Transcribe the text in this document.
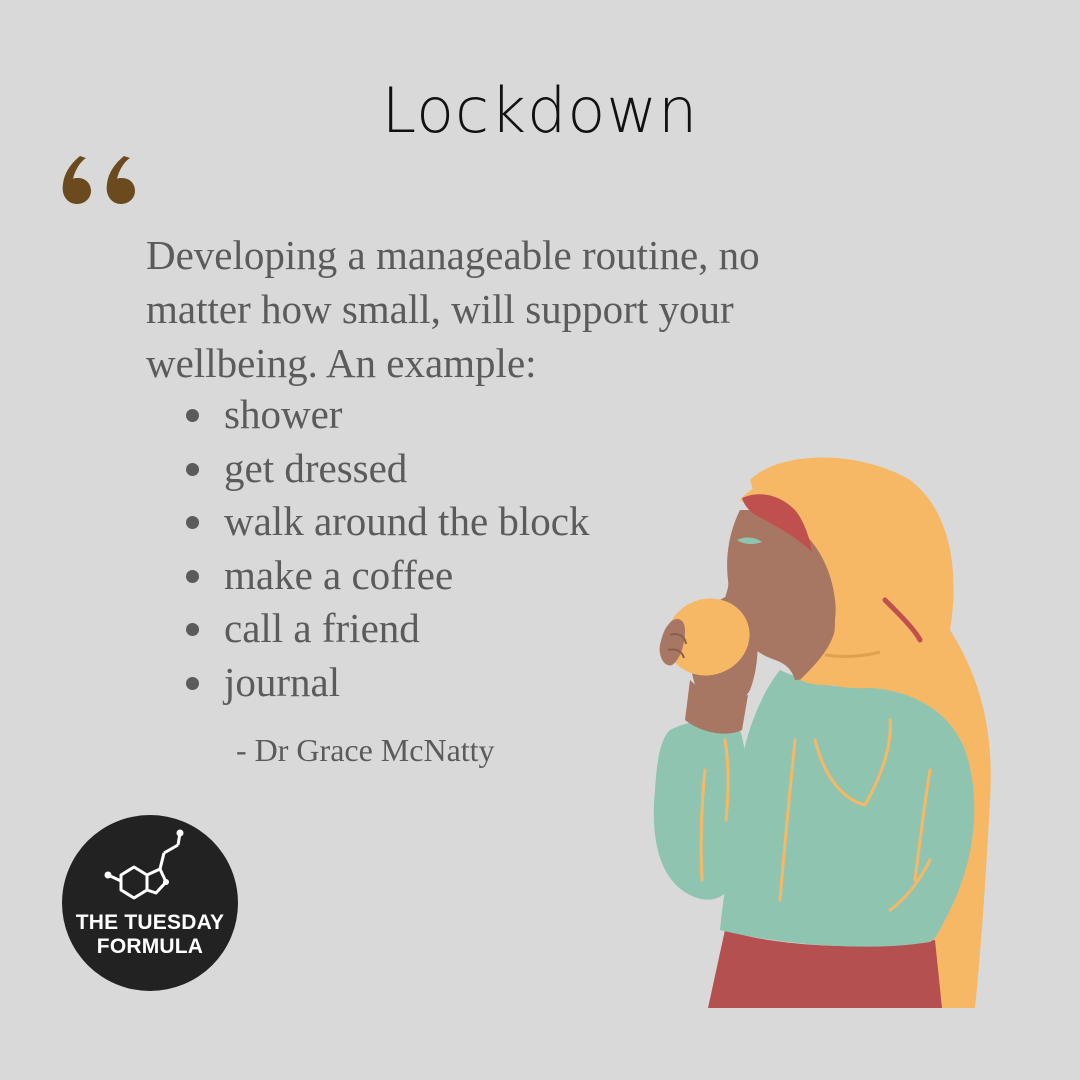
Lockdown
Developing a manageable routine, no
matter how small, will support your
wellbeing. An example:
shower
get dressed
walk around the block
make a coffee
call a friend
journal
- Dr Grace McNatty
THE TUESDAY
FORMULA
